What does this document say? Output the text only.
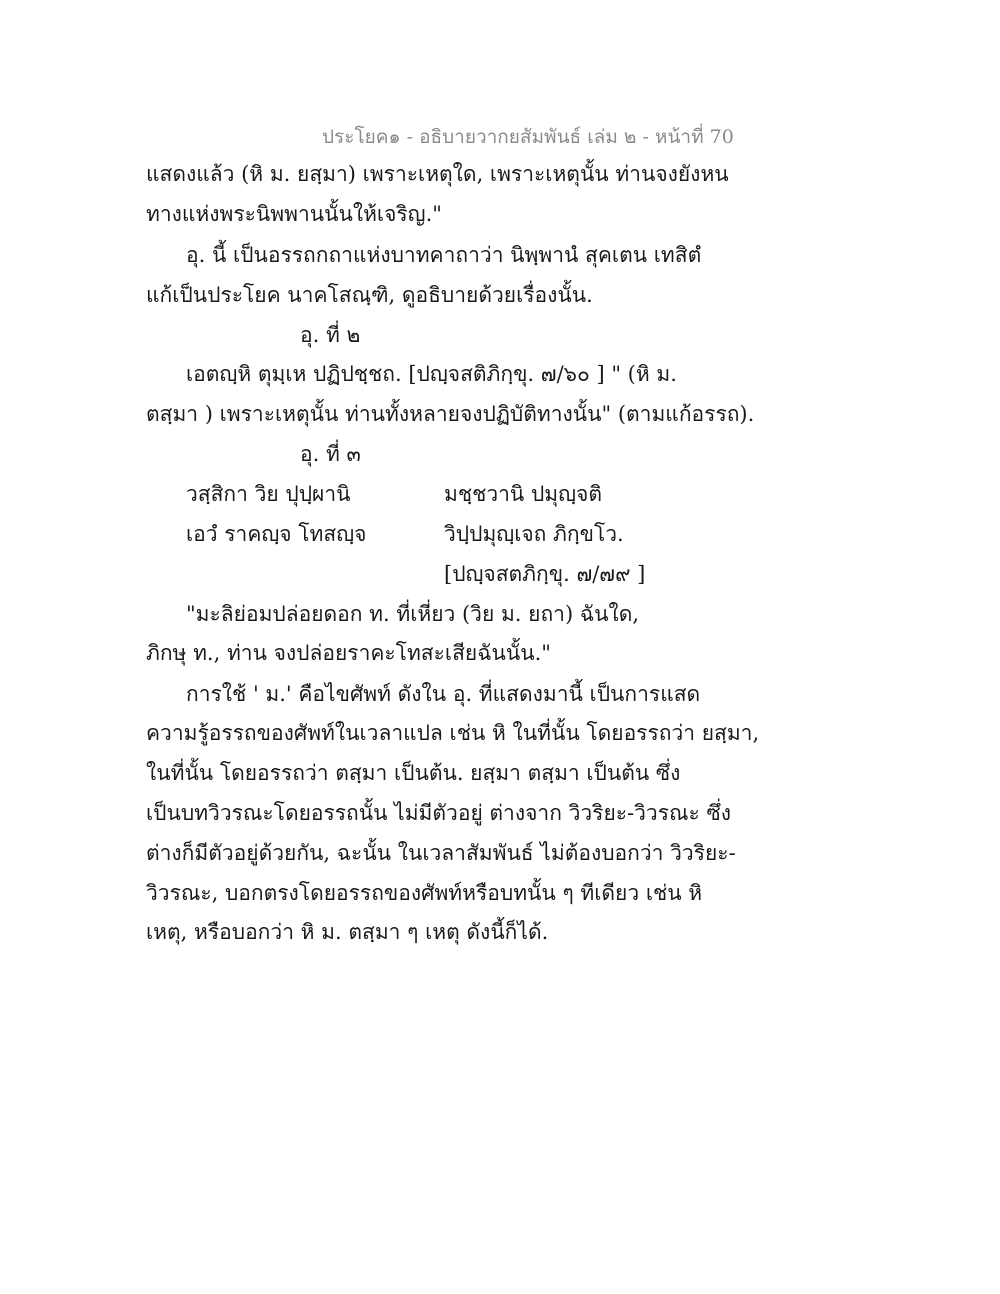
ประโยค๑ - อธิบายวากยสัมพันธ์ เล่ม ๒ - หน้าที่ 70
แสดงแล้ว (หิ ม. ยสฺมา) เพราะเหตุใด, เพราะเหตุนั้น ท่านจงยังหน
ทางแห่งพระนิพพานนั้นให้เจริญ."
อุ. นี้ เป็นอรรถกถาแห่งบาทคาถาว่า นิพฺพานํ สุคเตน เทสิตํ
แก้เป็นประโยค นาคโสณฺฑิ, ดูอธิบายด้วยเรื่องนั้น.
อุ. ที่ ๒
เอตญฺหิ ตุมฺเห ปฏิปชฺชถ. [ปญฺจสติภิกฺขุ. ๗/๖๐ ] " (หิ ม.
ตสฺมา ) เพราะเหตุนั้น ท่านทั้งหลายจงปฏิบัติทางนั้น" (ตามแก้อรรถ).
อุ. ที่ ๓
วสฺสิกา วิย ปุปฺผานิ	มชฺชวานิ ปมุญฺจติ
เอวํ ราคญฺจ โทสญฺจ	วิปฺปมุญฺเจถ ภิกฺขโว.
[ปญฺจสตภิกฺขุ. ๗/๗๙ ]
"มะลิย่อมปล่อยดอก ท. ที่เหี่ยว (วิย ม. ยถา) ฉันใด,
ภิกษุ ท., ท่าน จงปล่อยราคะโทสะเสียฉันนั้น."
การใช้ ' ม.' คือไขศัพท์ ดังใน อุ. ที่แสดงมานี้ เป็นการแสด
ความรู้อรรถของศัพท์ในเวลาแปล เช่น หิ ในที่นั้น โดยอรรถว่า ยสฺมา,
ในที่นั้น โดยอรรถว่า ตสฺมา เป็นต้น. ยสฺมา ตสฺมา เป็นต้น ซึ่ง
เป็นบทวิวรณะโดยอรรถนั้น ไม่มีตัวอยู่ ต่างจาก วิวริยะ-วิวรณะ ซึ่ง
ต่างก็มีตัวอยู่ด้วยกัน, ฉะนั้น ในเวลาสัมพันธ์ ไม่ต้องบอกว่า วิวริยะ-
วิวรณะ, บอกตรงโดยอรรถของศัพท์หรือบทนั้น ๆ ทีเดียว เช่น หิ
เหตุ, หรือบอกว่า หิ ม. ตสฺมา ๆ เหตุ ดังนี้ก็ได้.
